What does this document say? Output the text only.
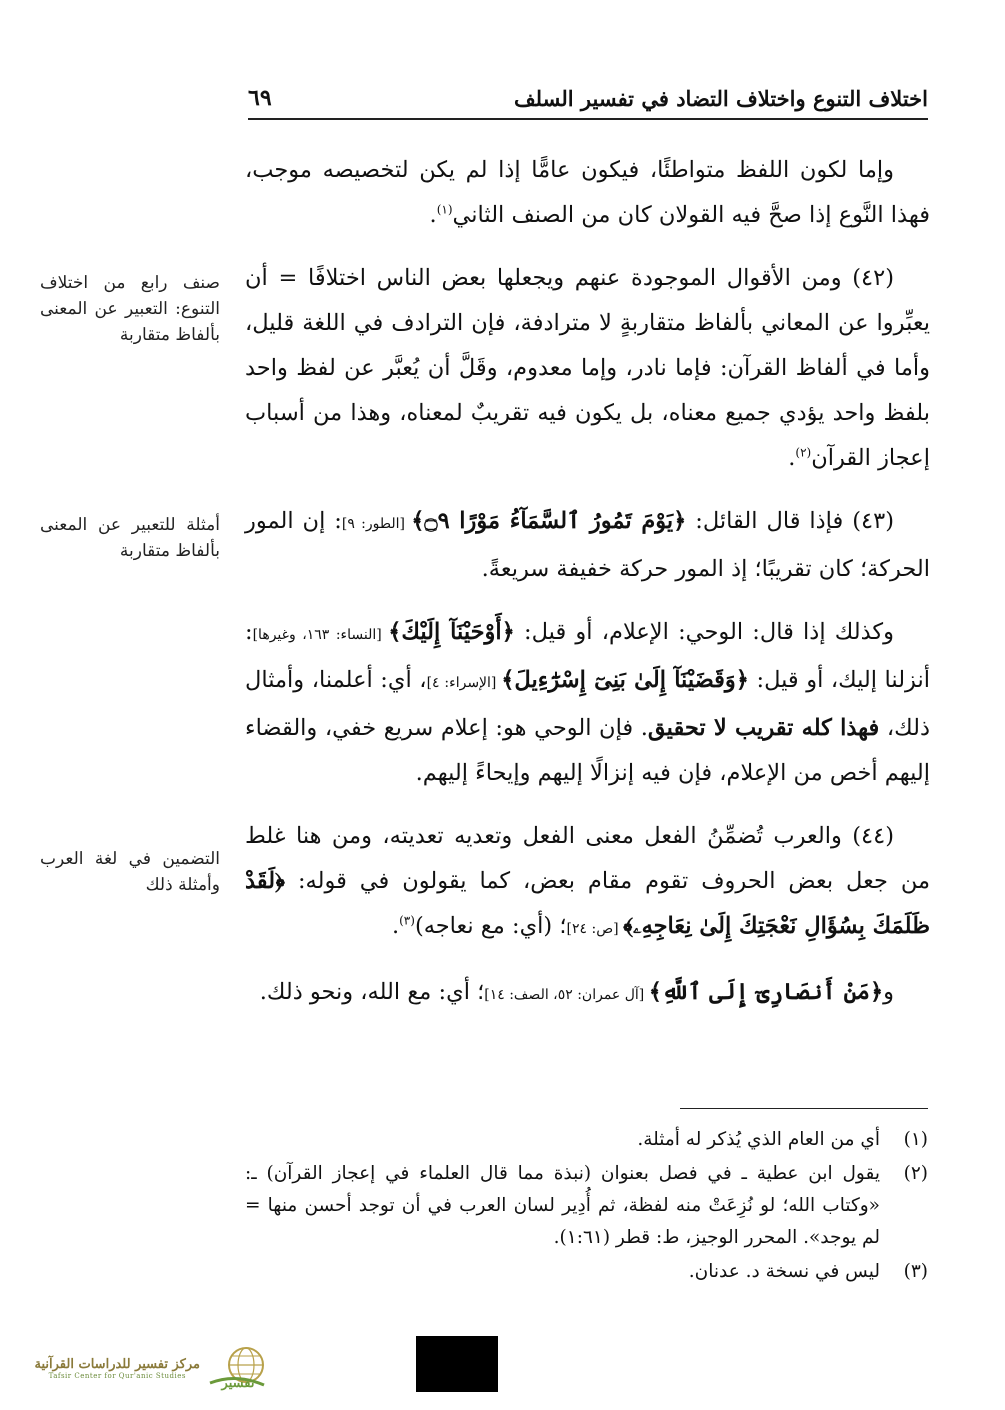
اختلاف التنوع واختلاف التضاد في تفسير السلف
٦٩

وإما لكون اللفظ متواطئًا، فيكون عامًّا إذا لم يكن لتخصيصه موجب، فهذا النَّوع إذا صحَّ فيه القولان كان من الصنف الثاني$^{(١)}$.

(٤٢) ومن الأقوال الموجودة عنهم ويجعلها بعض الناس اختلافًا = أن يعبِّروا عن المعاني بألفاظ متقاربةٍ لا مترادفة، فإن الترادف في اللغة قليل، وأما في ألفاظ القرآن: فإما نادر، وإما معدوم، وقَلَّ أن يُعبَّر عن لفظ واحد بلفظ واحد يؤدي جميع معناه، بل يكون فيه تقريبٌ لمعناه، وهذا من أسباب إعجاز القرآن$^{(٢)}$.

(٤٣) فإذا قال القائل: ﴿يَوْمَ تَمُورُ ٱلسَّمَآءُ مَوْرًا ۝٩﴾ [الطور: ٩]: إن المور الحركة؛ كان تقريبًا؛ إذ المور حركة خفيفة سريعةً.

وكذلك إذا قال: الوحي: الإعلام، أو قيل: ﴿أَوْحَيْنَآ إِلَيْكَ﴾ [النساء: ١٦٣، وغيرها]: أنزلنا إليك، أو قيل: ﴿وَقَضَيْنَآ إِلَىٰ بَنِىٓ إِسْرَٰٓءِيلَ﴾ [الإسراء: ٤]، أي: أعلمنا، وأمثال ذلك، فهذا كله تقريب لا تحقيق. فإن الوحي هو: إعلام سريع خفي، والقضاء إليهم أخص من الإعلام، فإن فيه إنزالًا إليهم وإيحاءً إليهم.

(٤٤) والعرب تُضمِّنُ الفعل معنى الفعل وتعديه تعديته، ومن هنا غلط من جعل بعض الحروف تقوم مقام بعض، كما يقولون في قوله: ﴿لَقَدْ ظَلَمَكَ بِسُؤَالِ نَعْجَتِكَ إِلَىٰ نِعَاجِهِۦ﴾ [ص: ٢٤]؛ (أي: مع نعاجه)$^{(٣)}$.

و﴿مَنْ أَنصَارِىٓ إِلَى ٱللَّهِ﴾ [آل عمران: ٥٢، الصف: ١٤]؛ أي: مع الله، ونحو ذلك.

صنف رابع من اختلاف التنوع: التعبير عن المعنى بألفاظ متقاربة
أمثلة للتعبير عن المعنى بألفاظ متقاربة
التضمين في لغة العرب وأمثلة ذلك
(١)
أي من العام الذي يُذكر له أمثلة.
(٢)
يقول ابن عطية ـ في فصل بعنوان (نبذة مما قال العلماء في إعجاز القرآن) ـ: «وكتاب الله؛ لو نُزِعَتْ منه لفظة، ثم أُدِير لسان العرب في أن توجد أحسن منها = لم يوجد». المحرر الوجيز، ط: قطر (١:٦١).
(٣)
ليس في نسخة د. عدنان.
تفسير
مركز تفسير للدراسات القرآنية
Tafsir Center for Qur'anic Studies
